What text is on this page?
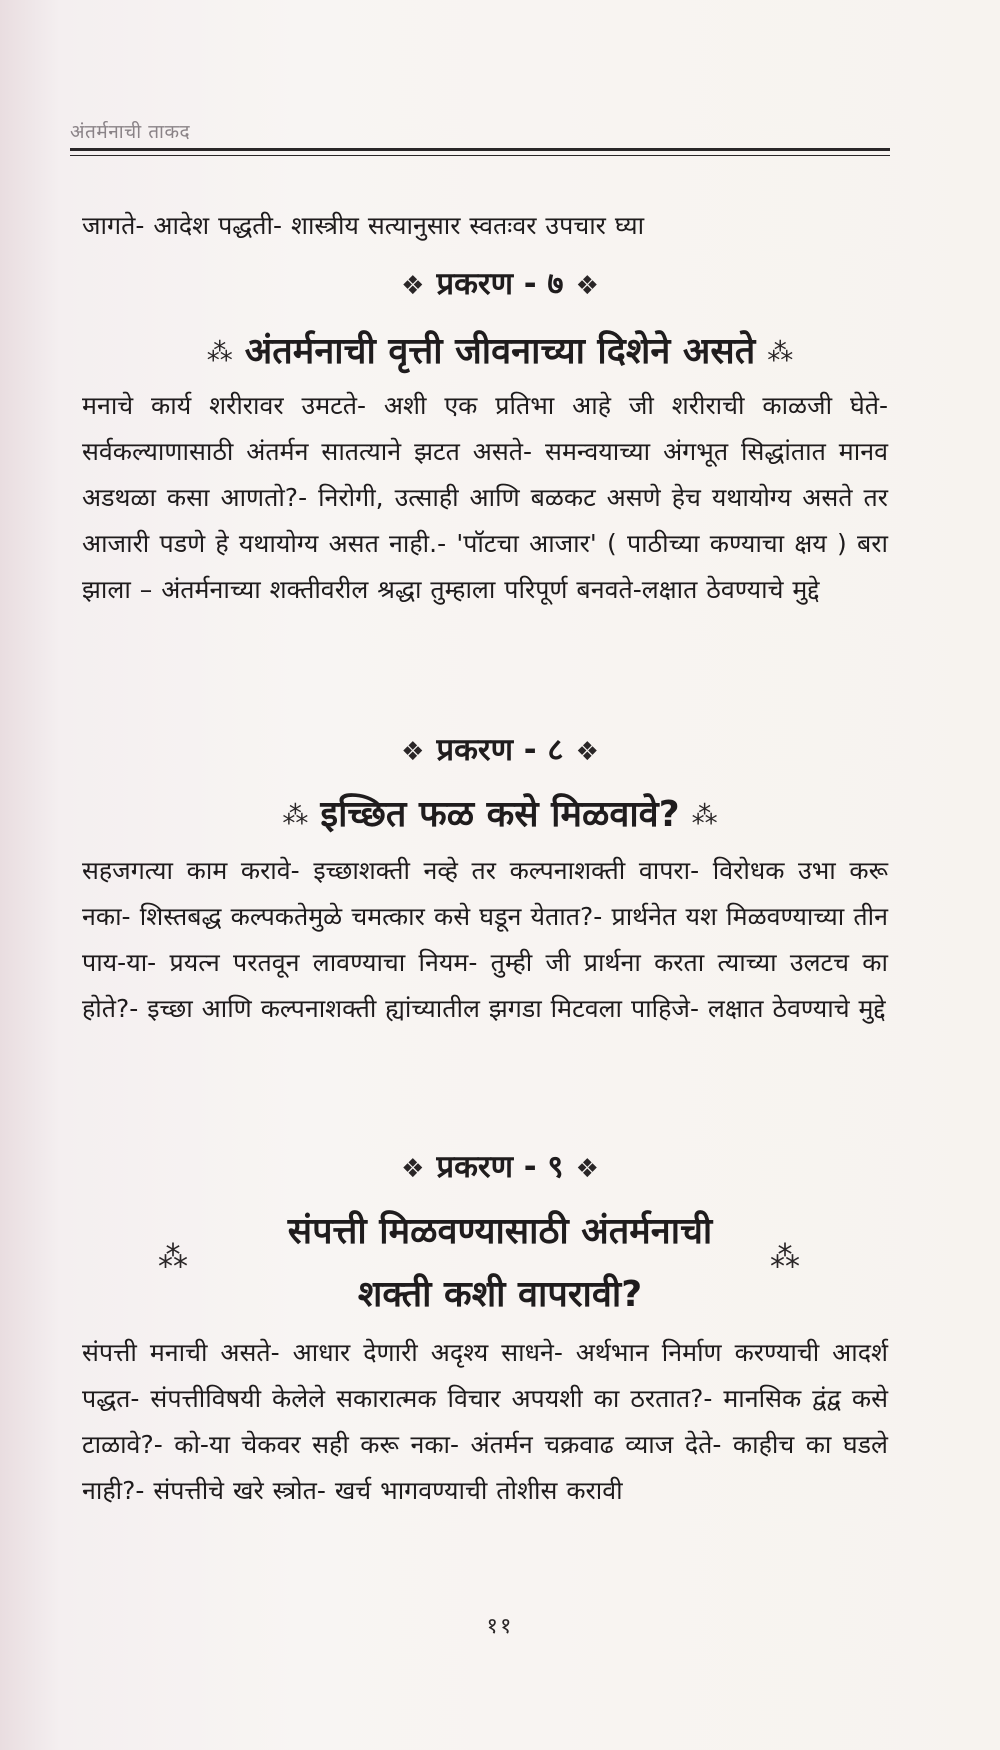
अंतर्मनाची ताकद
जागते- आदेश पद्धती- शास्त्रीय सत्यानुसार स्वतःवर उपचार घ्या
❖ प्रकरण - ७ ❖
⁂ अंतर्मनाची वृत्ती जीवनाच्या दिशेने असते ⁂
मनाचे कार्य शरीरावर उमटते- अशी एक प्रतिभा आहे जी शरीराची काळजी घेते- सर्वकल्याणासाठी अंतर्मन सातत्याने झटत असते- समन्वयाच्या अंगभूत सिद्धांतात मानव अडथळा कसा आणतो?- निरोगी, उत्साही आणि बळकट असणे हेच यथायोग्य असते तर आजारी पडणे हे यथायोग्य असत नाही.- 'पॉटचा आजार' ( पाठीच्या कण्याचा क्षय ) बरा झाला – अंतर्मनाच्या शक्तीवरील श्रद्धा तुम्हाला परिपूर्ण बनवते-लक्षात ठेवण्याचे मुद्दे
❖ प्रकरण - ८ ❖
⁂ इच्छित फळ कसे मिळवावे? ⁂
सहजगत्या काम करावे- इच्छाशक्ती नव्हे तर कल्पनाशक्ती वापरा- विरोधक उभा करू नका- शिस्तबद्ध कल्पकतेमुळे चमत्कार कसे घडून येतात?- प्रार्थनेत यश मिळवण्याच्या तीन पाय-या- प्रयत्न परतवून लावण्याचा नियम- तुम्ही जी प्रार्थना करता त्याच्या उलटच का होते?- इच्छा आणि कल्पनाशक्ती ह्यांच्यातील झगडा मिटवला पाहिजे- लक्षात ठेवण्याचे मुद्दे
❖ प्रकरण - ९ ❖
संपत्ती मिळवण्यासाठी अंतर्मनाची
शक्ती कशी वापरावी?
⁂	⁂
संपत्ती मनाची असते- आधार देणारी अदृश्य साधने- अर्थभान निर्माण करण्याची आदर्श पद्धत- संपत्तीविषयी केलेले सकारात्मक विचार अपयशी का ठरतात?- मानसिक द्वंद्व कसे टाळावे?- को-या चेकवर सही करू नका- अंतर्मन चक्रवाढ व्याज देते- काहीच का घडले नाही?- संपत्तीचे खरे स्त्रोत- खर्च भागवण्याची तोशीस करावी
११
